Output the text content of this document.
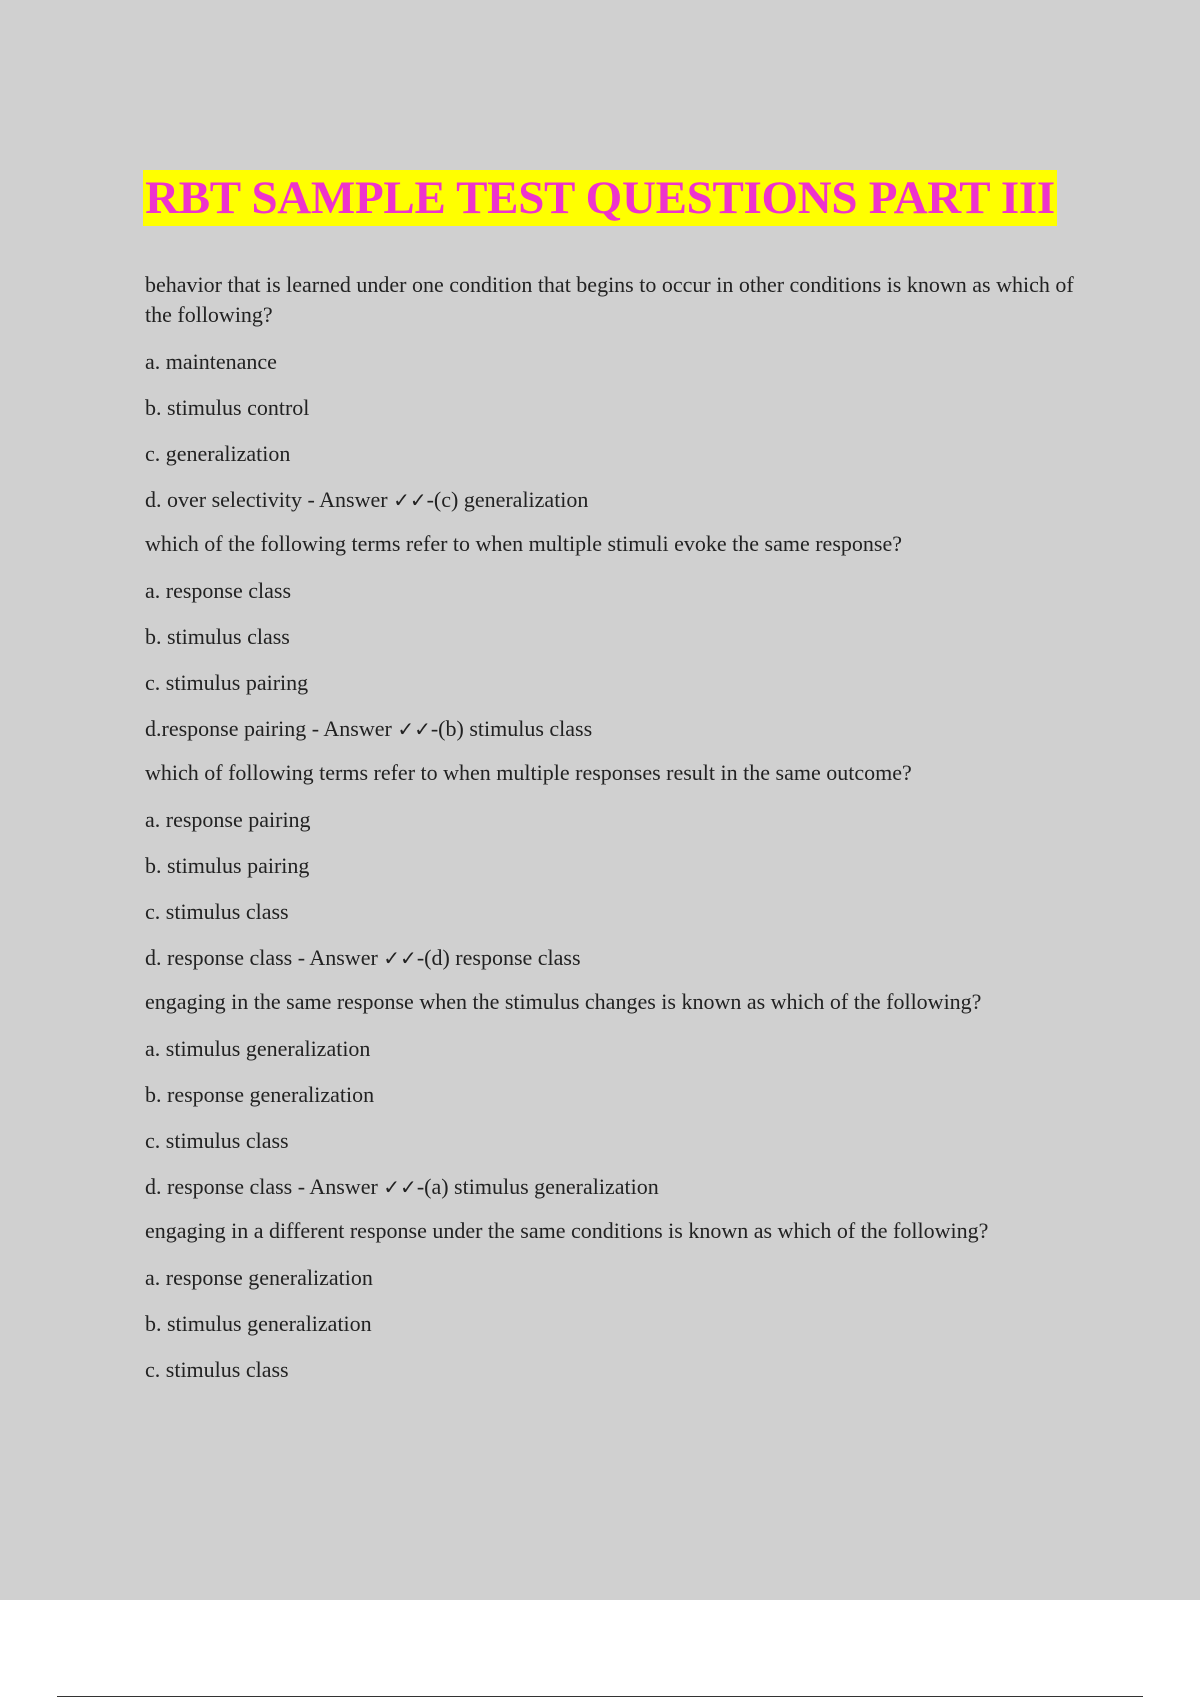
RBT SAMPLE TEST QUESTIONS PART III
behavior that is learned under one condition that begins to occur in other conditions is known as which of the following?
a. maintenance
b. stimulus control
c. generalization
d. over selectivity - Answer ✓✓-(c) generalization
which of the following terms refer to when multiple stimuli evoke the same response?
a. response class
b. stimulus class
c. stimulus pairing
d.response pairing - Answer ✓✓-(b) stimulus class
which of following terms refer to when multiple responses result in the same outcome?
a. response pairing
b. stimulus pairing
c. stimulus class
d. response class - Answer ✓✓-(d) response class
engaging in the same response when the stimulus changes is known as which of the following?
a. stimulus generalization
b. response generalization
c. stimulus class
d. response class - Answer ✓✓-(a) stimulus generalization
engaging in a different response under the same conditions is known as which of the following?
a. response generalization
b. stimulus generalization
c. stimulus class
